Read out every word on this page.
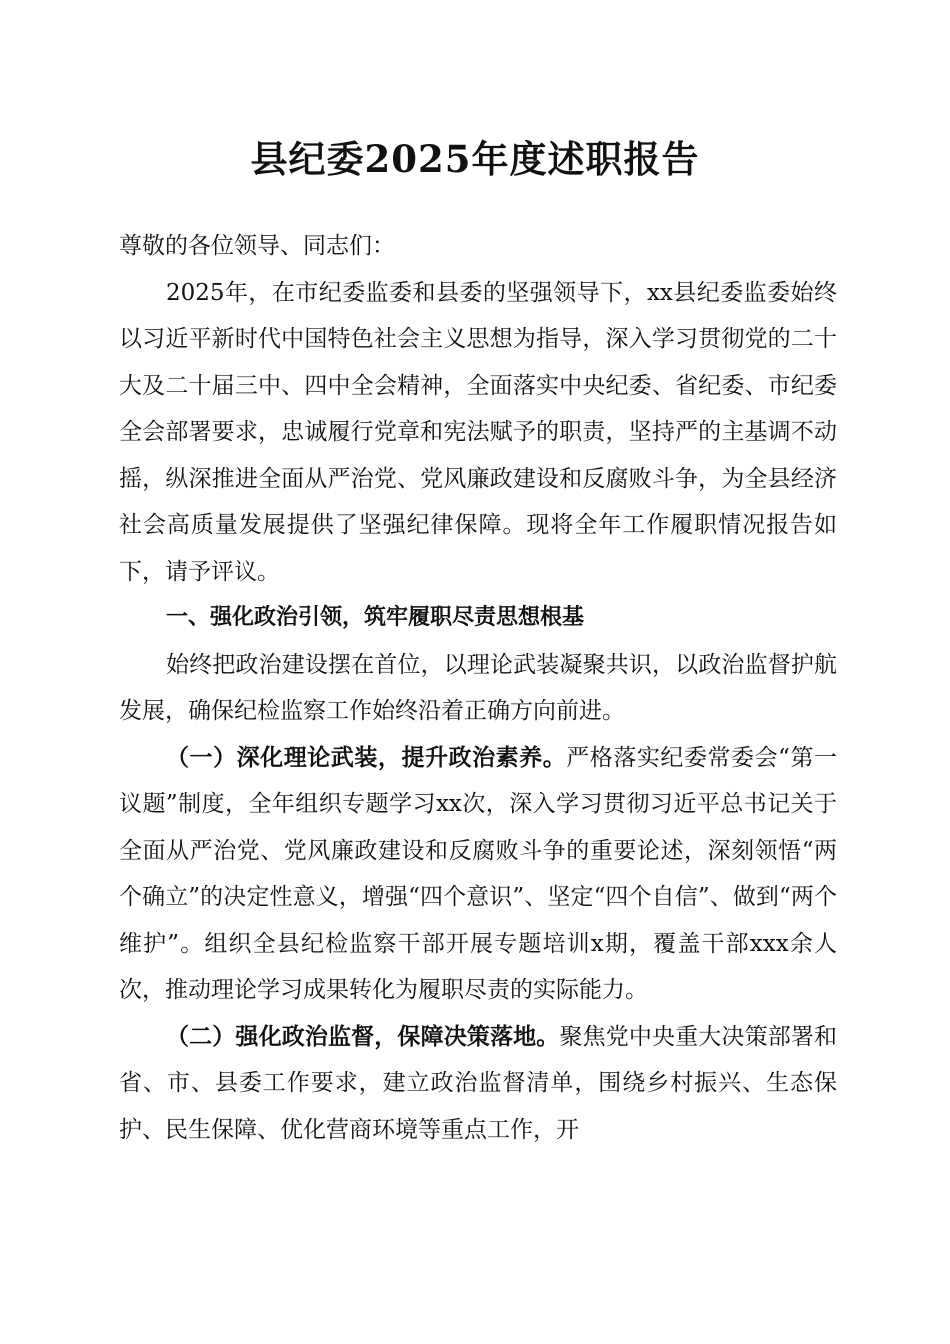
县纪委2025年度述职报告

尊敬的各位领导、同志们：

2025年，在市纪委监委和县委的坚强领导下，xx县纪委监委始终以习近平新时代中国特色社会主义思想为指导，深入学习贯彻党的二十大及二十届三中、四中全会精神，全面落实中央纪委、省纪委、市纪委全会部署要求，忠诚履行党章和宪法赋予的职责，坚持严的主基调不动摇，纵深推进全面从严治党、党风廉政建设和反腐败斗争，为全县经济社会高质量发展提供了坚强纪律保障。现将全年工作履职情况报告如下，请予评议。

一、强化政治引领，筑牢履职尽责思想根基

始终把政治建设摆在首位，以理论武装凝聚共识，以政治监督护航发展，确保纪检监察工作始终沿着正确方向前进。

（一）深化理论武装，提升政治素养。严格落实纪委常委会“第一议题”制度，全年组织专题学习xx次，深入学习贯彻习近平总书记关于全面从严治党、党风廉政建设和反腐败斗争的重要论述，深刻领悟“两个确立”的决定性意义，增强“四个意识”、坚定“四个自信”、做到“两个维护”。组织全县纪检监察干部开展专题培训x期，覆盖干部xxx余人次，推动理论学习成果转化为履职尽责的实际能力。

（二）强化政治监督，保障决策落地。聚焦党中央重大决策部署和省、市、县委工作要求，建立政治监督清单，围绕乡村振兴、生态保护、民生保障、优化营商环境等重点工作，开
